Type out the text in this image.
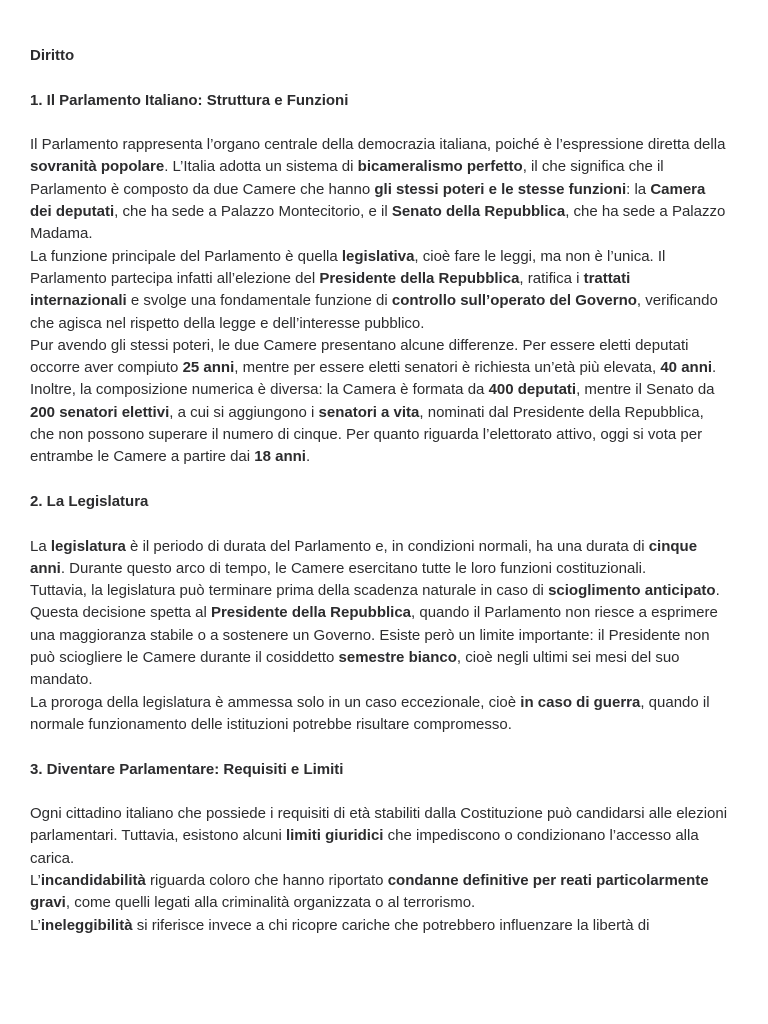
Diritto
1. Il Parlamento Italiano: Struttura e Funzioni

Il Parlamento rappresenta l’organo centrale della democrazia italiana, poiché è l’espressione diretta della sovranità popolare. L’Italia adotta un sistema di bicameralismo perfetto, il che significa che il Parlamento è composto da due Camere che hanno gli stessi poteri e le stesse funzioni: la Camera dei deputati, che ha sede a Palazzo Montecitorio, e il Senato della Repubblica, che ha sede a Palazzo Madama.

La funzione principale del Parlamento è quella legislativa, cioè fare le leggi, ma non è l’unica. Il Parlamento partecipa infatti all’elezione del Presidente della Repubblica, ratifica i trattati internazionali e svolge una fondamentale funzione di controllo sull’operato del Governo, verificando che agisca nel rispetto della legge e dell’interesse pubblico.

Pur avendo gli stessi poteri, le due Camere presentano alcune differenze. Per essere eletti deputati occorre aver compiuto 25 anni, mentre per essere eletti senatori è richiesta un’età più elevata, 40 anni. Inoltre, la composizione numerica è diversa: la Camera è formata da 400 deputati, mentre il Senato da 200 senatori elettivi, a cui si aggiungono i senatori a vita, nominati dal Presidente della Repubblica, che non possono superare il numero di cinque. Per quanto riguarda l’elettorato attivo, oggi si vota per entrambe le Camere a partire dai 18 anni.

2. La Legislatura

La legislatura è il periodo di durata del Parlamento e, in condizioni normali, ha una durata di cinque anni. Durante questo arco di tempo, le Camere esercitano tutte le loro funzioni costituzionali.

Tuttavia, la legislatura può terminare prima della scadenza naturale in caso di scioglimento anticipato. Questa decisione spetta al Presidente della Repubblica, quando il Parlamento non riesce a esprimere una maggioranza stabile o a sostenere un Governo. Esiste però un limite importante: il Presidente non può sciogliere le Camere durante il cosiddetto semestre bianco, cioè negli ultimi sei mesi del suo mandato.

La proroga della legislatura è ammessa solo in un caso eccezionale, cioè in caso di guerra, quando il normale funzionamento delle istituzioni potrebbe risultare compromesso.

3. Diventare Parlamentare: Requisiti e Limiti

Ogni cittadino italiano che possiede i requisiti di età stabiliti dalla Costituzione può candidarsi alle elezioni parlamentari. Tuttavia, esistono alcuni limiti giuridici che impediscono o condizionano l’accesso alla carica.

L’incandidabilità riguarda coloro che hanno riportato condanne definitive per reati particolarmente gravi, come quelli legati alla criminalità organizzata o al terrorismo.

L’ineleggibilità si riferisce invece a chi ricopre cariche che potrebbero influenzare la libertà di
